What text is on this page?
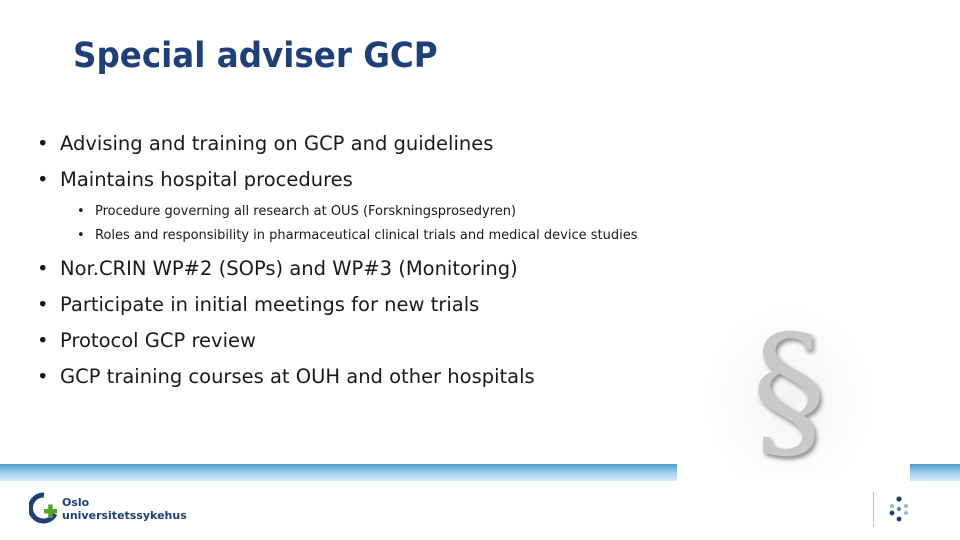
Special adviser GCP
• Advising and training on GCP and guidelines
• Maintains hospital procedures
• Procedure governing all research at OUS (Forskningsprosedyren)
• Roles and responsibility in pharmaceutical clinical trials and medical device studies
• Nor.CRIN WP#2 (SOPs) and WP#3 (Monitoring)
• Participate in initial meetings for new trials
• Protocol GCP review
• GCP training courses at OUH and other hospitals	§
Oslo
universitetssykehus
